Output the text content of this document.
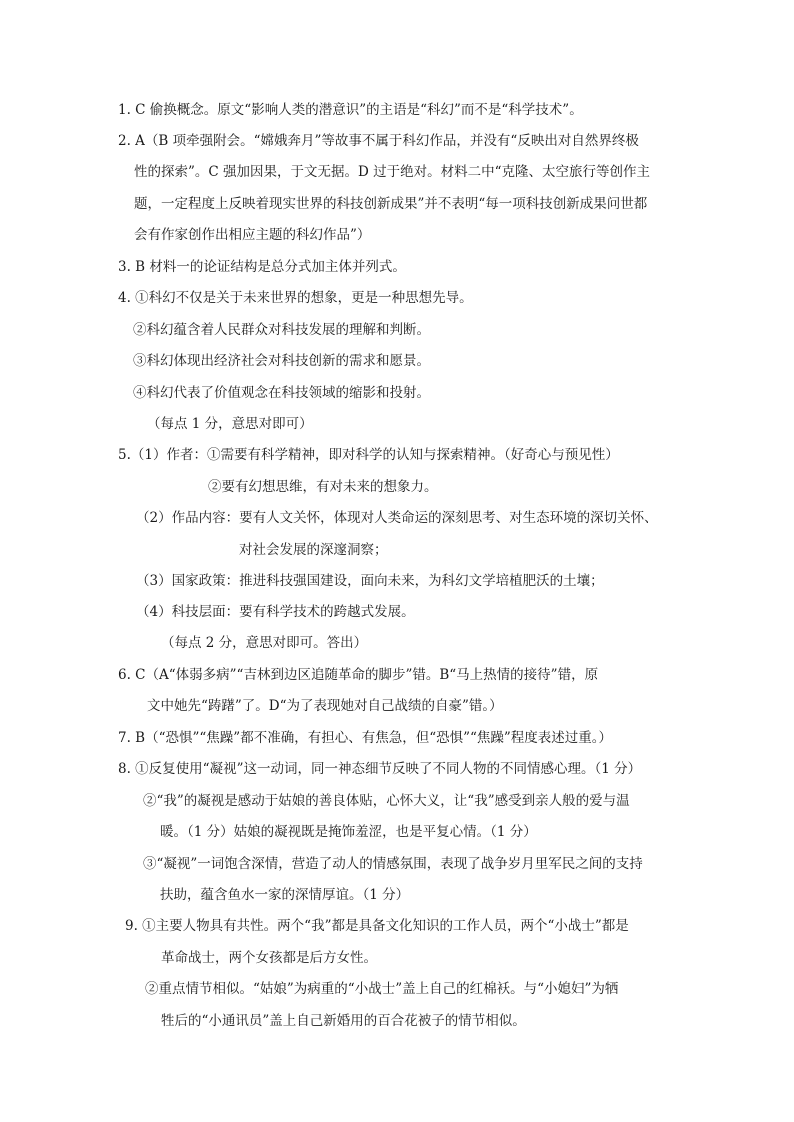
1. C 偷换概念。原文“影响人类的潜意识”的主语是“科幻”而不是“科学技术”。
2. A（B 项牵强附会。“嫦娥奔月”等故事不属于科幻作品，并没有“反映出对自然界终极
性的探索”。C 强加因果，于文无据。D 过于绝对。材料二中“克隆、太空旅行等创作主
题，一定程度上反映着现实世界的科技创新成果”并不表明“每一项科技创新成果问世都
会有作家创作出相应主题的科幻作品”）
3. B 材料一的论证结构是总分式加主体并列式。
4. ①科幻不仅是关于未来世界的想象，更是一种思想先导。
②科幻蕴含着人民群众对科技发展的理解和判断。
③科幻体现出经济社会对科技创新的需求和愿景。
④科幻代表了价值观念在科技领域的缩影和投射。
（每点 1 分，意思对即可）
5.（1）作者：①需要有科学精神，即对科学的认知与探索精神。（好奇心与预见性）
②要有幻想思维，有对未来的想象力。
（2）作品内容：要有人文关怀，体现对人类命运的深刻思考、对生态环境的深切关怀、
对社会发展的深邃洞察；
（3）国家政策：推进科技强国建设，面向未来，为科幻文学培植肥沃的土壤；
（4）科技层面：要有科学技术的跨越式发展。
（每点 2 分，意思对即可。答出）
6. C（A“体弱多病”“吉林到边区追随革命的脚步”错。B“马上热情的接待”错，原
文中她先“踌躇”了。D“为了表现她对自己战绩的自豪”错。）
7. B（“恐惧”“焦躁”都不准确，有担心、有焦急，但“恐惧”“焦躁”程度表述过重。）
8. ①反复使用“凝视”这一动词，同一神态细节反映了不同人物的不同情感心理。（1 分）
②“我”的凝视是感动于姑娘的善良体贴，心怀大义，让“我”感受到亲人般的爱与温
暖。（1 分）姑娘的凝视既是掩饰羞涩，也是平复心情。（1 分）
③“凝视”一词饱含深情，营造了动人的情感氛围，表现了战争岁月里军民之间的支持
扶助，蕴含鱼水一家的深情厚谊。（1 分）
9. ①主要人物具有共性。两个“我”都是具备文化知识的工作人员，两个“小战士”都是
革命战士，两个女孩都是后方女性。
②重点情节相似。“姑娘”为病重的“小战士”盖上自己的红棉袄。与“小媳妇”为牺
牲后的“小通讯员”盖上自己新婚用的百合花被子的情节相似。
